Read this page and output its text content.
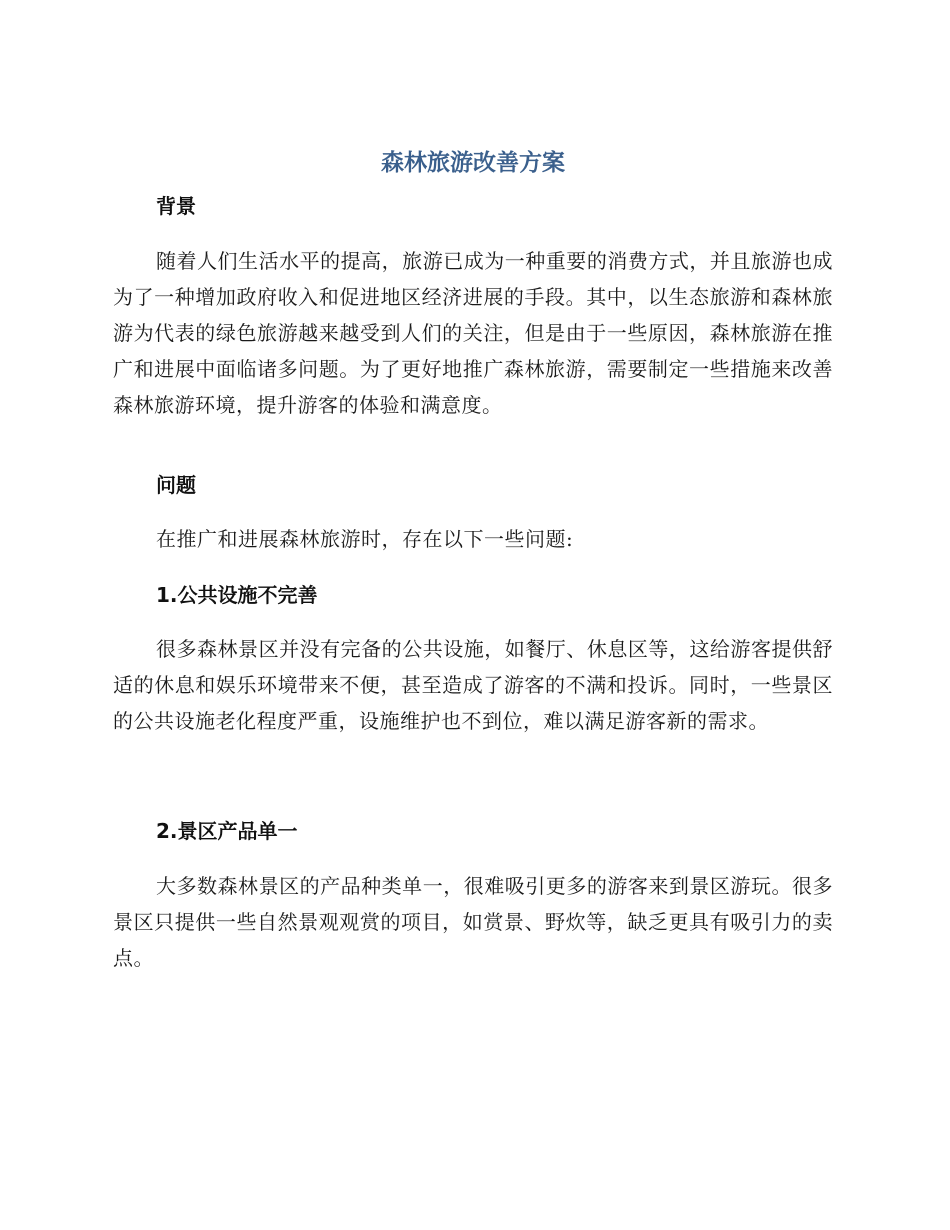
森林旅游改善方案
背景

随着人们生活水平的提高，旅游已成为一种重要的消费方式，并且旅游也成为了一种增加政府收入和促进地区经济进展的手段。其中，以生态旅游和森林旅游为代表的绿色旅游越来越受到人们的关注，但是由于一些原因，森林旅游在推广和进展中面临诸多问题。为了更好地推广森林旅游，需要制定一些措施来改善森林旅游环境，提升游客的体验和满意度。

问题

在推广和进展森林旅游时，存在以下一些问题:

1.公共设施不完善

很多森林景区并没有完备的公共设施，如餐厅、休息区等，这给游客提供舒适的休息和娱乐环境带来不便，甚至造成了游客的不满和投诉。同时，一些景区的公共设施老化程度严重，设施维护也不到位，难以满足游客新的需求。

2.景区产品单一

大多数森林景区的产品种类单一，很难吸引更多的游客来到景区游玩。很多景区只提供一些自然景观观赏的项目，如赏景、野炊等，缺乏更具有吸引力的卖点。
